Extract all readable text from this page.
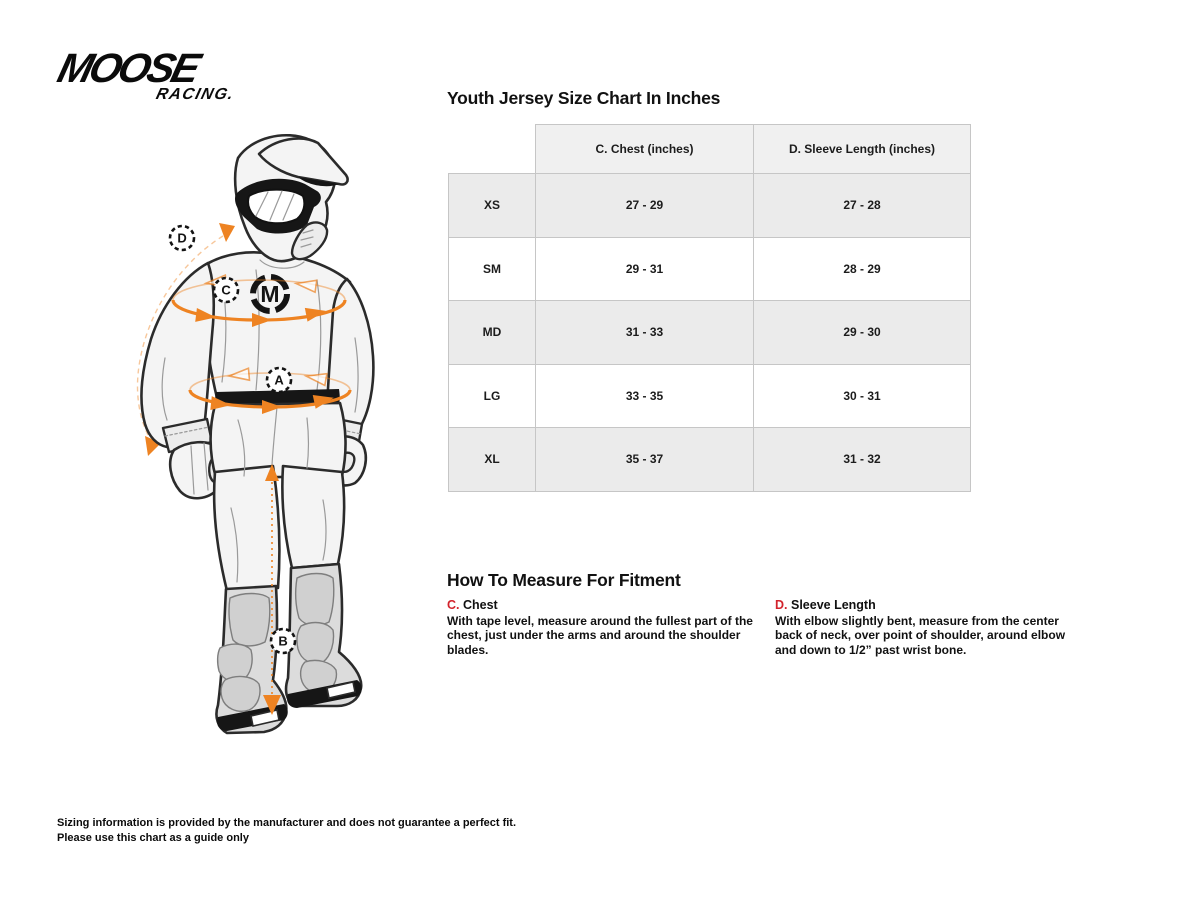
MOOSE
RACING.
M
D
C
A
B
Youth Jersey Size Chart In Inches
	C. Chest (inches)	D. Sleeve Length (inches)
XS	27 - 29	27 - 28
SM	29 - 31	28 - 29
MD	31 - 33	29 - 30
LG	33 - 35	30 - 31
XL	35 - 37	31 - 32
How To Measure For Fitment
C. Chest

With tape level, measure around the fullest part of the chest, just under the arms and around the shoulder blades.

D. Sleeve Length

With elbow slightly bent, measure from the center back of neck, over point of shoulder, around elbow and down to 1/2” past wrist bone.

Sizing information is provided by the manufacturer and does not guarantee a perfect fit.
Please use this chart as a guide only
